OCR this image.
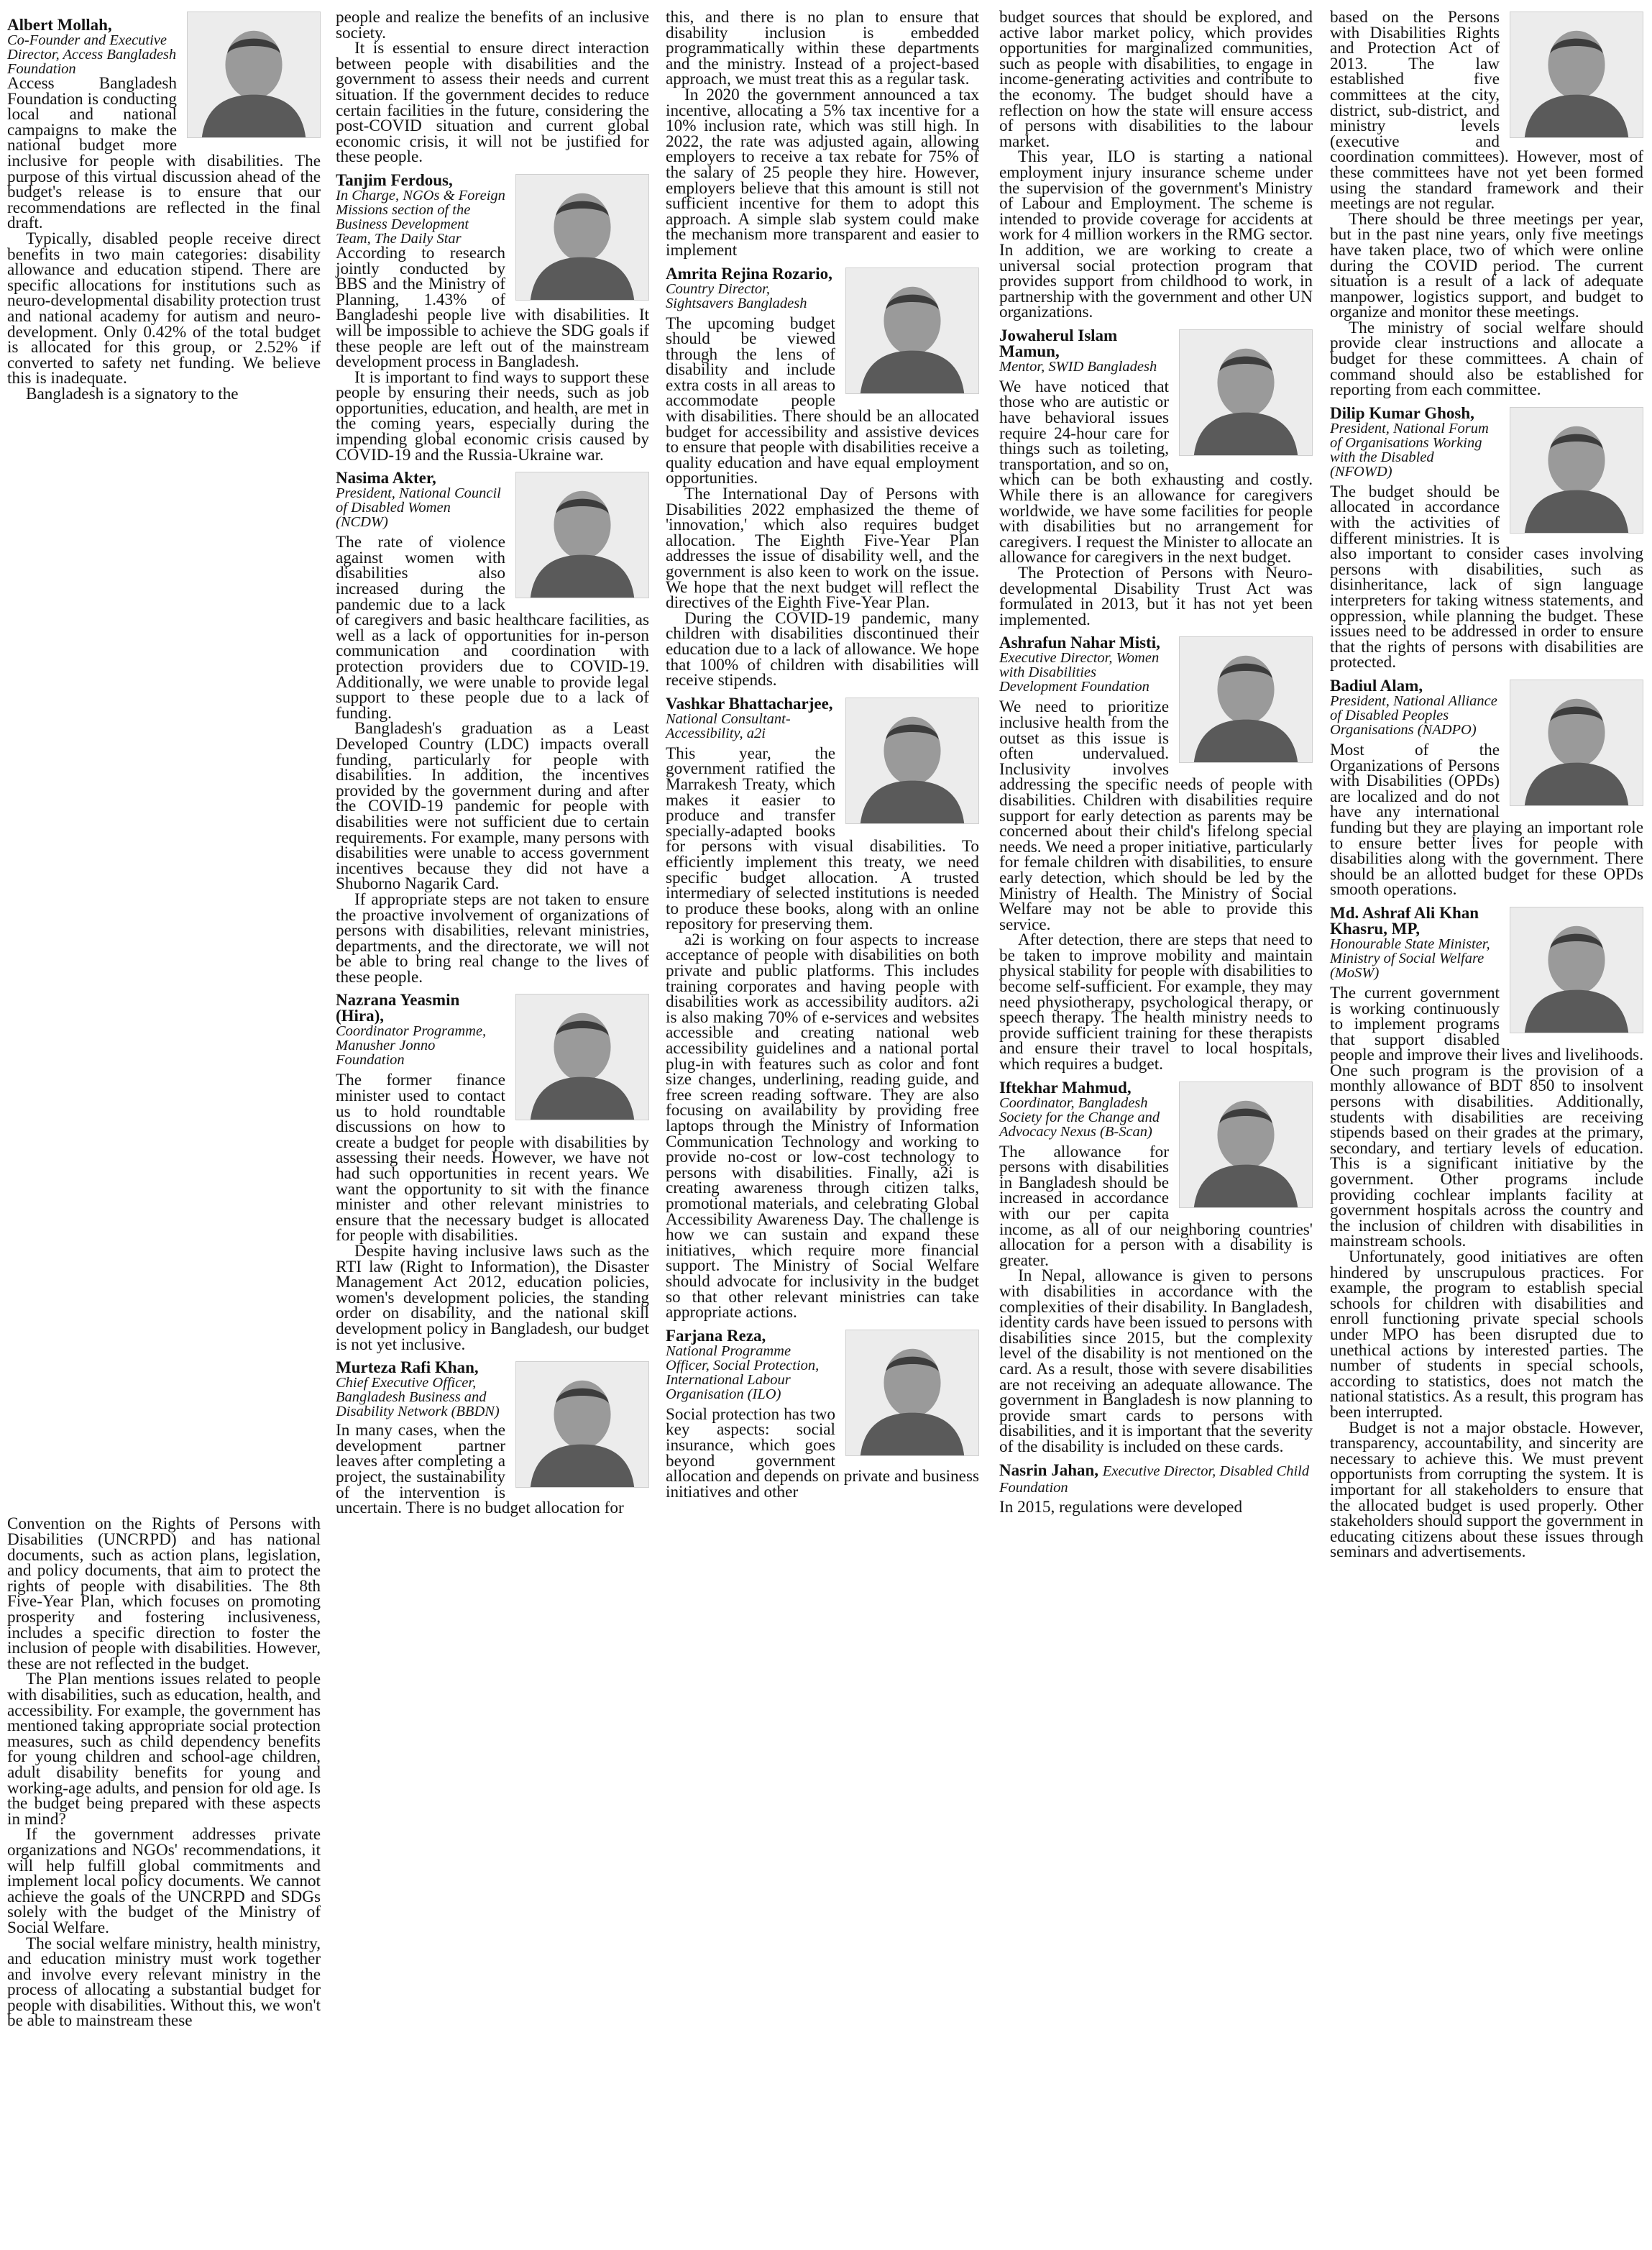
Albert Mollah,

Co-Founder and Executive Director, Access Bangladesh Foundation

Access Bangladesh Foundation is conducting local and national campaigns to make the national budget more inclusive for people with disabilities. The purpose of this virtual discussion ahead of the budget's release is to ensure that our recommendations are reflected in the final draft.

Typically, disabled people receive direct benefits in two main categories: disability allowance and education stipend. There are specific allocations for institutions such as neuro-developmental disability protection trust and national academy for autism and neuro-development. Only 0.42% of the total budget is allocated for this group, or 2.52% if converted to safety net funding. We believe this is inadequate.

Bangladesh is a signatory to the

Convention on the Rights of Persons with Disabilities (UNCRPD) and has national documents, such as action plans, legislation, and policy documents, that aim to protect the rights of people with disabilities. The 8th Five-Year Plan, which focuses on promoting prosperity and fostering inclusiveness, includes a specific direction to foster the inclusion of people with disabilities. However, these are not reflected in the budget.

The Plan mentions issues related to people with disabilities, such as education, health, and accessibility. For example, the government has mentioned taking appropriate social protection measures, such as child dependency benefits for young children and school-age children, adult disability benefits for young and working-age adults, and pension for old age. Is the budget being prepared with these aspects in mind?

If the government addresses private organizations and NGOs' recommendations, it will help fulfill global commitments and implement local policy documents. We cannot achieve the goals of the UNCRPD and SDGs solely with the budget of the Ministry of Social Welfare.

The social welfare ministry, health ministry, and education ministry must work together and involve every relevant ministry in the process of allocating a substantial budget for people with disabilities. Without this, we won't be able to mainstream these

people and realize the benefits of an inclusive society.

It is essential to ensure direct interaction between people with disabilities and the government to assess their needs and current situation. If the government decides to reduce certain facilities in the future, considering the post-COVID situation and current global economic crisis, it will not be justified for these people.

Tanjim Ferdous,

In Charge, NGOs & Foreign Missions section of the Business Development Team, The Daily Star

According to research jointly conducted by BBS and the Ministry of Planning, 1.43% of Bangladeshi people live with disabilities. It will be impossible to achieve the SDG goals if these people are left out of the mainstream development process in Bangladesh.

It is important to find ways to support these people by ensuring their needs, such as job opportunities, education, and health, are met in the coming years, especially during the impending global economic crisis caused by COVID-19 and the Russia-Ukraine war.

Nasima Akter,

President, National Council of Disabled Women (NCDW)

The rate of violence against women with disabilities also increased during the pandemic due to a lack of caregivers and basic healthcare facilities, as well as a lack of opportunities for in-person communication and coordination with protection providers due to COVID-19. Additionally, we were unable to provide legal support to these people due to a lack of funding.

Bangladesh's graduation as a Least Developed Country (LDC) impacts overall funding, particularly for people with disabilities. In addition, the incentives provided by the government during and after the COVID-19 pandemic for people with disabilities were not sufficient due to certain requirements. For example, many persons with disabilities were unable to access government incentives because they did not have a Shuborno Nagarik Card.

If appropriate steps are not taken to ensure the proactive involvement of organizations of persons with disabilities, relevant ministries, departments, and the directorate, we will not be able to bring real change to the lives of these people.

Nazrana Yeasmin (Hira),

Coordinator Programme, Manusher Jonno Foundation

The former finance minister used to contact us to hold roundtable discussions on how to create a budget for people with disabilities by assessing their needs. However, we have not had such opportunities in recent years. We want the opportunity to sit with the finance minister and other relevant ministries to ensure that the necessary budget is allocated for people with disabilities.

Despite having inclusive laws such as the RTI law (Right to Information), the Disaster Management Act 2012, education policies, women's development policies, the standing order on disability, and the national skill development policy in Bangladesh, our budget is not yet inclusive.

Murteza Rafi Khan,

Chief Executive Officer, Bangladesh Business and Disability Network (BBDN)

In many cases, when the development partner leaves after completing a project, the sustainability of the intervention is uncertain. There is no budget allocation for

this, and there is no plan to ensure that disability inclusion is embedded programmatically within these departments and the ministry. Instead of a project-based approach, we must treat this as a regular task.

In 2020 the government announced a tax incentive, allocating a 5% tax incentive for a 10% inclusion rate, which was still high. In 2022, the rate was adjusted again, allowing employers to receive a tax rebate for 75% of the salary of 25 people they hire. However, employers believe that this amount is still not sufficient incentive for them to adopt this approach. A simple slab system could make the mechanism more transparent and easier to implement

Amrita Rejina Rozario,

Country Director, Sightsavers Bangladesh

The upcoming budget should be viewed through the lens of disability and include extra costs in all areas to accommodate people with disabilities. There should be an allocated budget for accessibility and assistive devices to ensure that people with disabilities receive a quality education and have equal employment opportunities.

The International Day of Persons with Disabilities 2022 emphasized the theme of 'innovation,' which also requires budget allocation. The Eighth Five-Year Plan addresses the issue of disability well, and the government is also keen to work on the issue. We hope that the next budget will reflect the directives of the Eighth Five-Year Plan.

During the COVID-19 pandemic, many children with disabilities discontinued their education due to a lack of allowance. We hope that 100% of children with disabilities will receive stipends.

Vashkar Bhattacharjee,

National Consultant-Accessibility, a2i

This year, the government ratified the Marrakesh Treaty, which makes it easier to produce and transfer specially-adapted books for persons with visual disabilities. To efficiently implement this treaty, we need specific budget allocation. A trusted intermediary of selected institutions is needed to produce these books, along with an online repository for preserving them.

a2i is working on four aspects to increase acceptance of people with disabilities on both private and public platforms. This includes training corporates and having people with disabilities work as accessibility auditors. a2i is also making 70% of e-services and websites accessible and creating national web accessibility guidelines and a national portal plug-in with features such as color and font size changes, underlining, reading guide, and free screen reading software. They are also focusing on availability by providing free laptops through the Ministry of Information Communication Technology and working to provide no-cost or low-cost technology to persons with disabilities. Finally, a2i is creating awareness through citizen talks, promotional materials, and celebrating Global Accessibility Awareness Day. The challenge is how we can sustain and expand these initiatives, which require more financial support. The Ministry of Social Welfare should advocate for inclusivity in the budget so that other relevant ministries can take appropriate actions.

Farjana Reza,

National Programme Officer, Social Protection, International Labour Organisation (ILO)

Social protection has two key aspects: social insurance, which goes beyond government allocation and depends on private and business initiatives and other

budget sources that should be explored, and active labor market policy, which provides opportunities for marginalized communities, such as people with disabilities, to engage in income-generating activities and contribute to the economy. The budget should have a reflection on how the state will ensure access of persons with disabilities to the labour market.

This year, ILO is starting a national employment injury insurance scheme under the supervision of the government's Ministry of Labour and Employment. The scheme is intended to provide coverage for accidents at work for 4 million workers in the RMG sector. In addition, we are working to create a universal social protection program that provides support from childhood to work, in partnership with the government and other UN organizations.

Jowaherul Islam Mamun,

Mentor, SWID Bangladesh

We have noticed that those who are autistic or have behavioral issues require 24-hour care for things such as toileting, transportation, and so on, which can be both exhausting and costly. While there is an allowance for caregivers worldwide, we have some facilities for people with disabilities but no arrangement for caregivers. I request the Minister to allocate an allowance for caregivers in the next budget.

The Protection of Persons with Neuro-developmental Disability Trust Act was formulated in 2013, but it has not yet been implemented.

Ashrafun Nahar Misti,

Executive Director, Women with Disabilities Development Foundation

We need to prioritize inclusive health from the outset as this issue is often undervalued. Inclusivity involves addressing the specific needs of people with disabilities. Children with disabilities require support for early detection as parents may be concerned about their child's lifelong special needs. We need a proper initiative, particularly for female children with disabilities, to ensure early detection, which should be led by the Ministry of Health. The Ministry of Social Welfare may not be able to provide this service.

After detection, there are steps that need to be taken to improve mobility and maintain physical stability for people with disabilities to become self-sufficient. For example, they may need physiotherapy, psychological therapy, or speech therapy. The health ministry needs to provide sufficient training for these therapists and ensure their travel to local hospitals, which requires a budget.

Iftekhar Mahmud,

Coordinator, Bangladesh Society for the Change and Advocacy Nexus (B-Scan)

The allowance for persons with disabilities in Bangladesh should be increased in accordance with our per capita income, as all of our neighboring countries' allocation for a person with a disability is greater.

In Nepal, allowance is given to persons with disabilities in accordance with the complexities of their disability. In Bangladesh, identity cards have been issued to persons with disabilities since 2015, but the complexity level of the disability is not mentioned on the card. As a result, those with severe disabilities are not receiving an adequate allowance. The government in Bangladesh is now planning to provide smart cards to persons with disabilities, and it is important that the severity of the disability is included on these cards.

Nasrin Jahan, Executive Director, Disabled Child Foundation

In 2015, regulations were developed

based on the Persons with Disabilities Rights and Protection Act of 2013. The law established five committees at the city, district, sub-district, and ministry levels (executive and coordination committees). However, most of these committees have not yet been formed using the standard framework and their meetings are not regular.

There should be three meetings per year, but in the past nine years, only five meetings have taken place, two of which were online during the COVID period. The current situation is a result of a lack of adequate manpower, logistics support, and budget to organize and monitor these meetings.

The ministry of social welfare should provide clear instructions and allocate a budget for these committees. A chain of command should also be established for reporting from each committee.

Dilip Kumar Ghosh,

President, National Forum of Organisations Working with the Disabled (NFOWD)

The budget should be allocated in accordance with the activities of different ministries. It is also important to consider cases involving persons with disabilities, such as disinheritance, lack of sign language interpreters for taking witness statements, and oppression, while planning the budget. These issues need to be addressed in order to ensure that the rights of persons with disabilities are protected.

Badiul Alam,

President, National Alliance of Disabled Peoples Organisations (NADPO)

Most of the Organizations of Persons with Disabilities (OPDs) are localized and do not have any international funding but they are playing an important role to ensure better lives for people with disabilities along with the government. There should be an allotted budget for these OPDs smooth operations.

Md. Ashraf Ali Khan Khasru, MP,

Honourable State Minister, Ministry of Social Welfare (MoSW)

The current government is working continuously to implement programs that support disabled people and improve their lives and livelihoods. One such program is the provision of a monthly allowance of BDT 850 to insolvent persons with disabilities. Additionally, students with disabilities are receiving stipends based on their grades at the primary, secondary, and tertiary levels of education. This is a significant initiative by the government. Other programs include providing cochlear implants facility at government hospitals across the country and the inclusion of children with disabilities in mainstream schools.

Unfortunately, good initiatives are often hindered by unscrupulous practices. For example, the program to establish special schools for children with disabilities and enroll functioning private special schools under MPO has been disrupted due to unethical actions by interested parties. The number of students in special schools, according to statistics, does not match the national statistics. As a result, this program has been interrupted.

Budget is not a major obstacle. However, transparency, accountability, and sincerity are necessary to achieve this. We must prevent opportunists from corrupting the system. It is important for all stakeholders to ensure that the allocated budget is used properly. Other stakeholders should support the government in educating citizens about these issues through seminars and advertisements.
